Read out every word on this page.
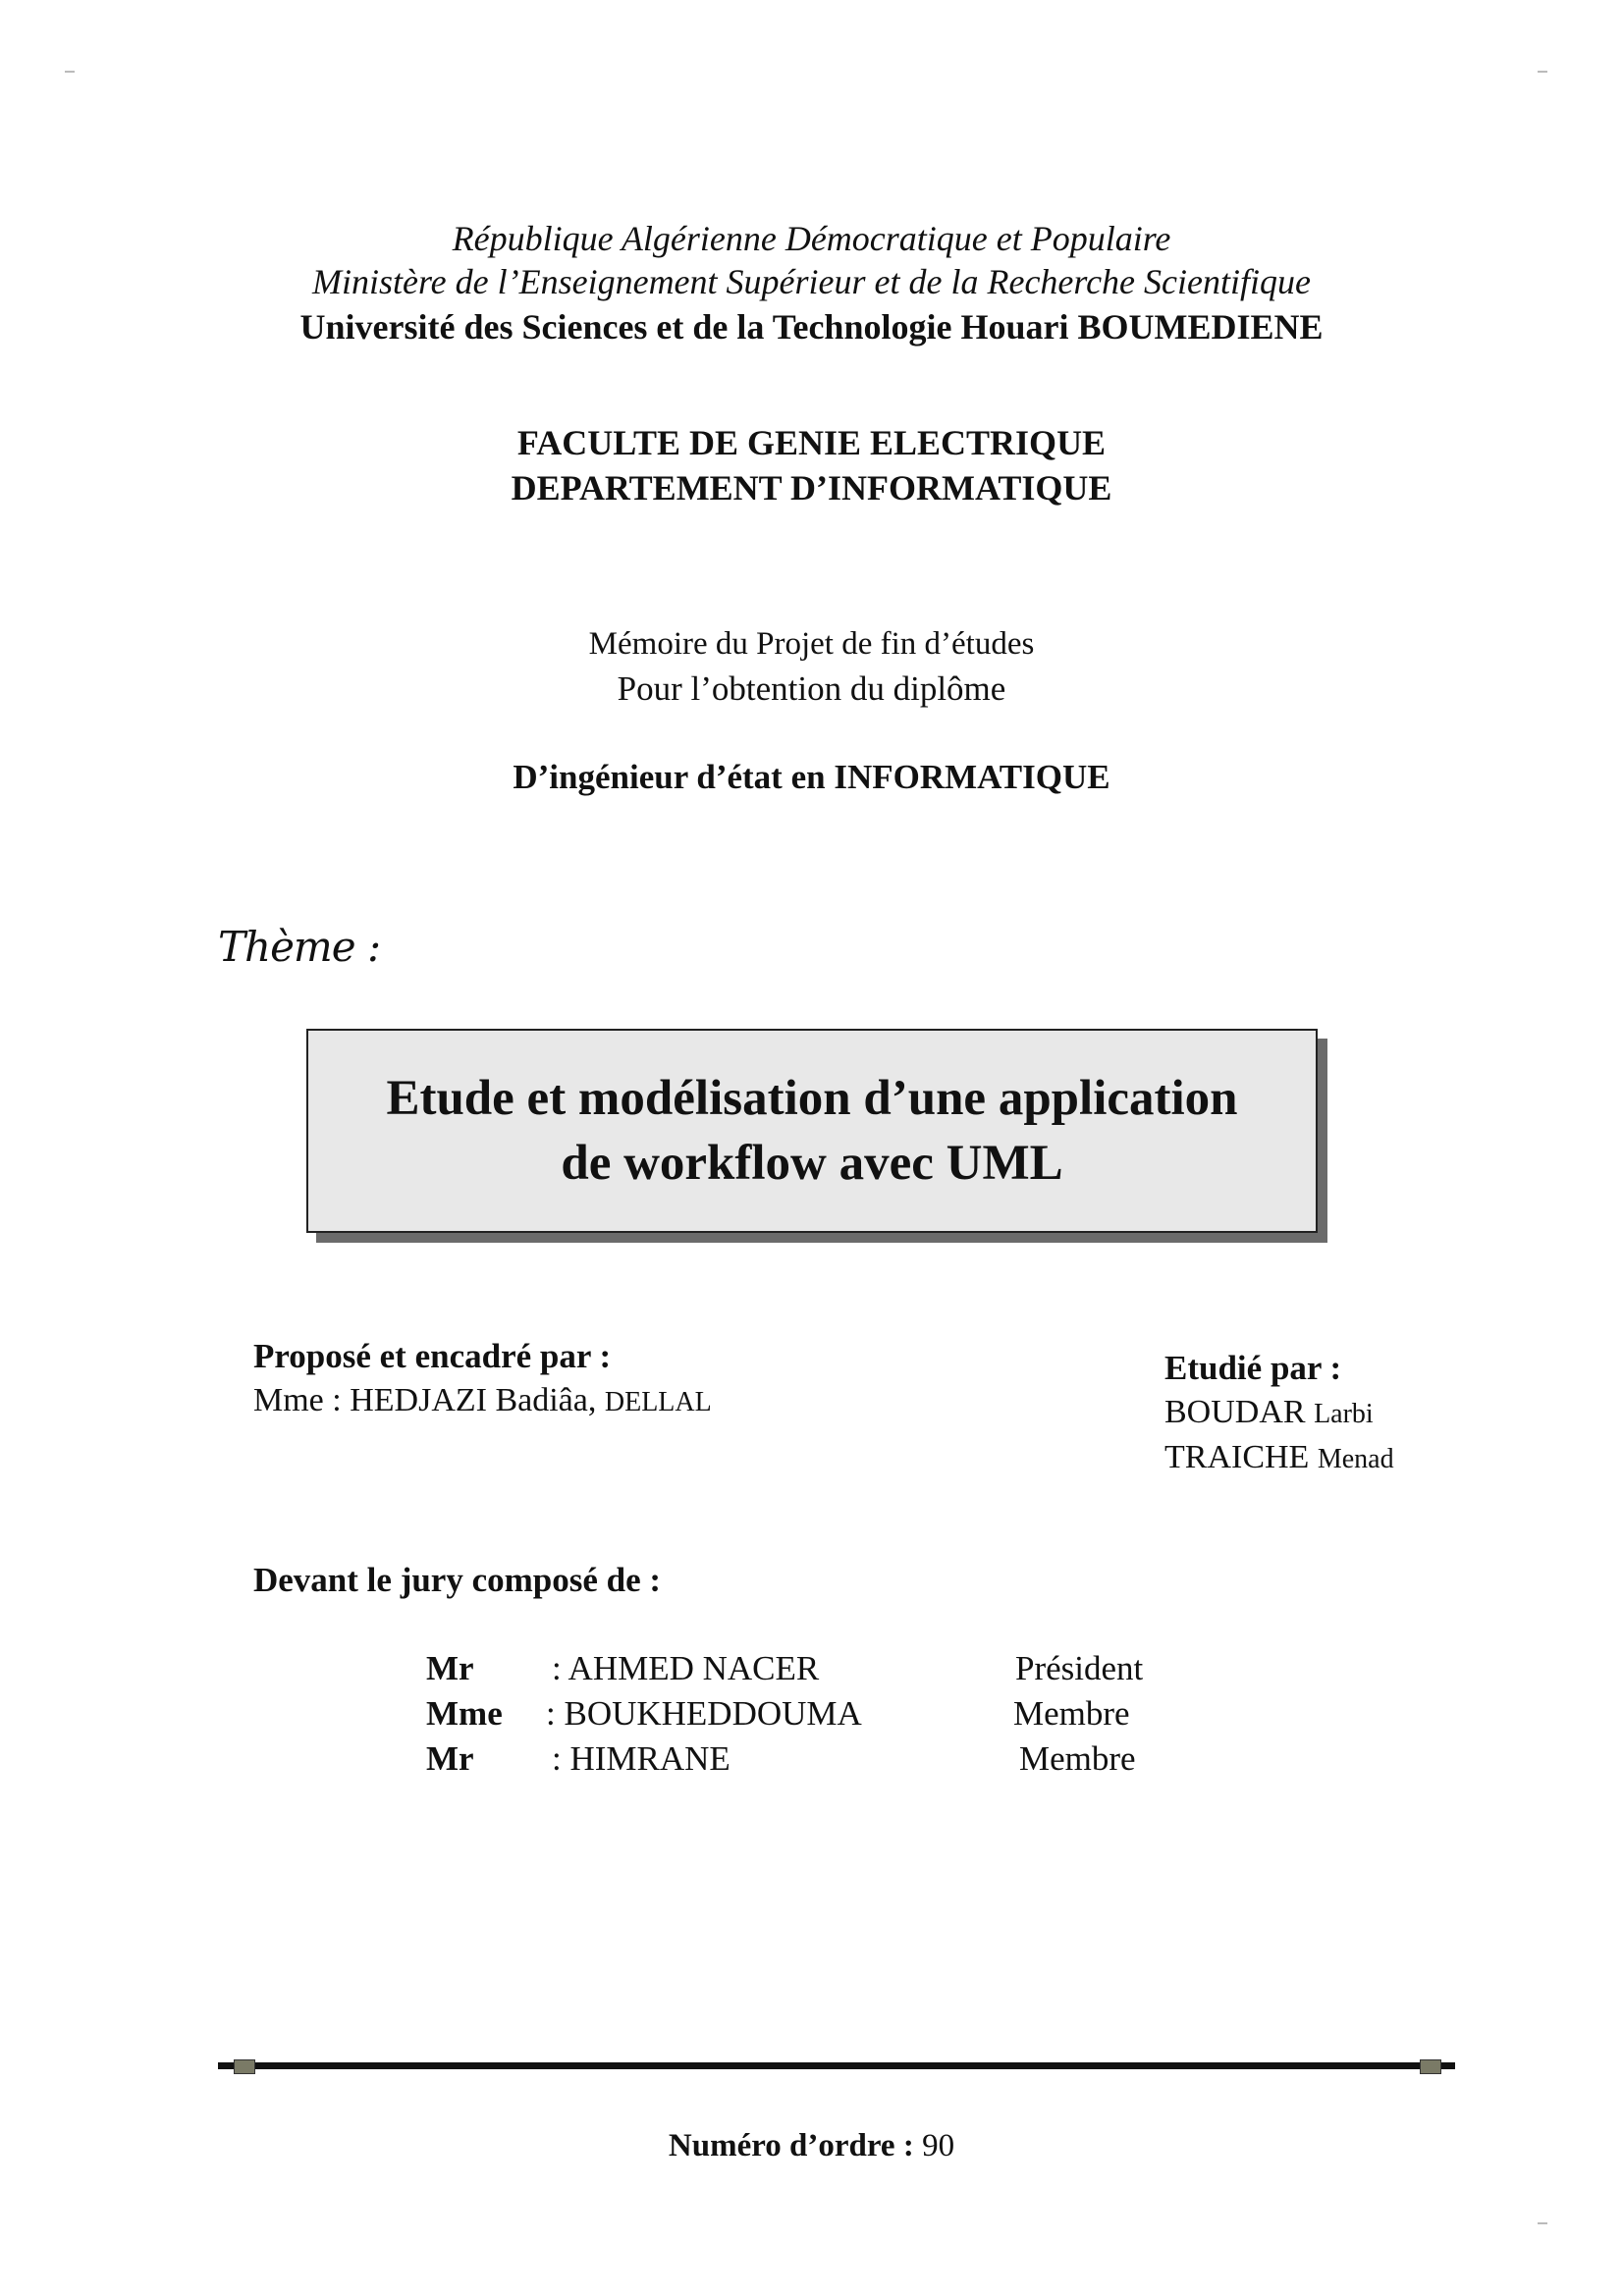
République Algérienne Démocratique et Populaire
Ministère de l’Enseignement Supérieur et de la Recherche Scientifique
Université des Sciences et de la Technologie Houari BOUMEDIENE
FACULTE DE GENIE ELECTRIQUE
DEPARTEMENT D’INFORMATIQUE
Mémoire du Projet de fin d’études
Pour l’obtention du diplôme
D’ingénieur d’état en INFORMATIQUE
Thème :
Etude et modélisation d’une application
de workflow avec UML
Proposé et encadré par :
Mme : HEDJAZI Badiâa, DELLAL
Etudié par :
BOUDAR Larbi
TRAICHE Menad
Devant le jury composé de :
Mr : AHMED NACER	Président
Mme : BOUKHEDDOUMA	Membre
Mr : HIMRANE	Membre
Numéro d’ordre : 90
